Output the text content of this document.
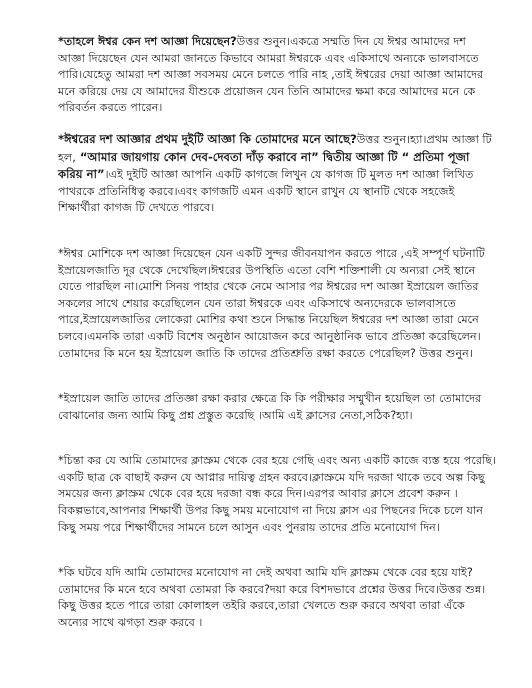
*তাহলে ঈশ্বর কেন দশ আজ্ঞা দিয়েছেন?উত্তর শুনুন।একত্রে সম্মতি দিন যে ঈশ্বর আমাদের দশ আজ্ঞা দিয়েছেন যেন আমরা জানতে কিভাবে আমরা ঈশ্বরকে এবং একিসাথে অন্যকে ভালবাসতে পারি।যেহেতু আমরা দশ আজ্ঞা সবসময় মেনে চলতে পারি নাহ ,তাই ঈশ্বরের দেয়া আজ্ঞা আমাদের মনে করিয়ে দেয় যে আমাদের যীশুকে প্রয়োজন যেন তিনি আমাদের ক্ষমা করে আমাদের মনে কে পরিবর্তন করতে পারেন।

*ঈশ্বরের দশ আজ্ঞার প্রথম দুইটি আজ্ঞা কি তোমাদের মনে আছে?উত্তর শুনুন।হ্যা।প্রথম আজ্ঞা টি হল, “আমার জায়গায় কোন দেব-দেবতা দাঁড় করাবে না” দ্বিতীয় আজ্ঞা টি “ প্রতিমা পূজা করিয় না”।এই দুইটি আজ্ঞা আপনি একটি কাগজে লিখুন যে কাগজ টি মুলত দশ আজ্ঞা লিখিত পাথরকে প্রতিনিধিত্ব করবে।এবং কাগজটি এমন একটি স্থানে রাখুন যে স্থানটি থেকে সহজেই শিক্ষার্থীরা কাগজ টি দেখতে পারবে।

*ঈশ্বর মোশিকে দশ আজ্ঞা দিয়েছেন যেন একটি সুন্দর জীবনযাপন করতে পারে ,এই সম্পূর্ণ ঘটনাটি ইস্রায়েলজাতি দূর থেকে দেখেছিল।ঈশ্বরের উপস্থিতি এতো বেশি শক্তিশালী যে অন্যরা সেই স্থানে যেতে পারছিল না।মোশি সিনয় পাহার থেকে নেমে আসার পর ঈশ্বরের দশ আজ্ঞা ইস্রায়েল জাতির সকলের সাথে শেয়ার করেছিলেন যেন তারা ঈশ্বরকে এবং একিসাথে অন্যদেরকে ভালবাসতে পারে,ইস্রায়েলজাতির লোকেরা মোশির কথা শুনে সিদ্ধান্ত নিয়েছিল ঈশ্বরের দশ আজ্ঞা তারা মেনে চলবে।এমনকি তারা একটি বিশেষ অনুষ্ঠান আয়োজন করে আনুষ্ঠানিক ভাবে প্রতিজ্ঞা করেছিলেন।তোমাদের কি মনে হয় ইস্রায়েল জাতি কি তাদের প্রতিশ্রুতি রক্ষা করতে পেরেছিল? উত্তর শুনুন।

*ইস্রায়েল জাতি তাদের প্রতিজ্ঞা রক্ষা করার ক্ষেত্রে কি কি পরীক্ষার সম্মুখীন হয়েছিল তা তোমাদের বোঝানোর জন্য আমি কিছু প্রশ্ন প্রস্তুত করেছি ।আমি এই ক্লাসের নেতা,সঠিক?হ্যা।

*চিন্তা কর যে আমি তোমাদের ক্লাস্রুম থেকে বের হয়ে গেছি এবং অন্য একটি কাজে ব্যস্ত হয়ে পরেছি।একটি ছাত্র কে বাছাই করুন যে আপ্নার দায়িত্ব গ্রহন করবে।ক্লাস্রুমে যদি দরজা থাকে তবে অল্প কিছু সময়ের জন্য ক্লাস্রুম থেকে বের হয়ে দরজা বন্ধ করে দিন।এরপর আবার ক্লাসে প্রবেশ করুন ।বিকল্পভাবে,আপনার শিক্ষার্থী উপর কিছু সময় মনোযোগ না দিয়ে ক্লাস এর পিছনের দিকে চলে যান কিছু সময় পরে শিক্ষার্থীদের সামনে চলে আসুন এবং পুনরায় তাদের প্রতি মনোযোগ দিন।

*কি ঘটবে যদি আমি তোমাদের মনোযোগ না দেই অথবা আমি যদি ক্লাস্রুম থেকে বের হয়ে যাই?তোমাদের কি মনে হবে অথবা তোমরা কি করবে?দয়া করে বিশদভাবে প্রশ্নের উত্তর দিবে।উত্তর শুন্ন।কিছু উত্তর হতে পারে তারা কোলাহল তইরি করবে,তারা খেলতে শুরু করবে অথবা তারা এঁকে অন্যের সাথে ঝগড়া শুরু করবে ।
